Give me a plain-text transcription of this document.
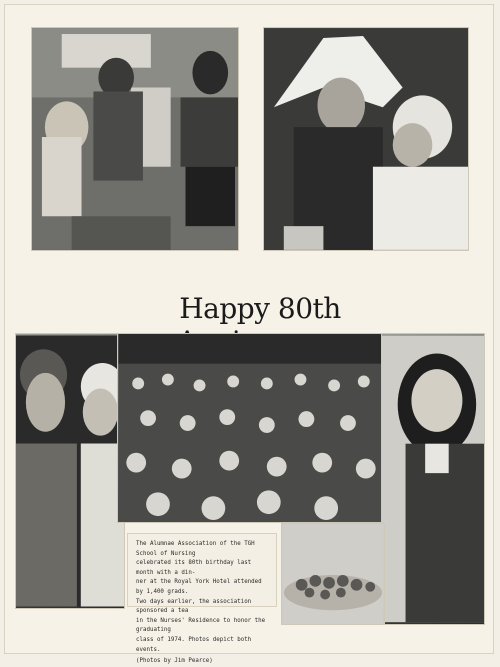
Happy 80th

The Alumnae Association of the TGH School of Nursing
celebrated its 80th birthday last month with a din-
ner at the Royal York Hotel attended by 1,400 grads.
Two days earlier, the association sponsored a tea
in the Nurses' Residence to honor the graduating
class of 1974. Photos depict both events.

(Photos by Jim Pearce)
